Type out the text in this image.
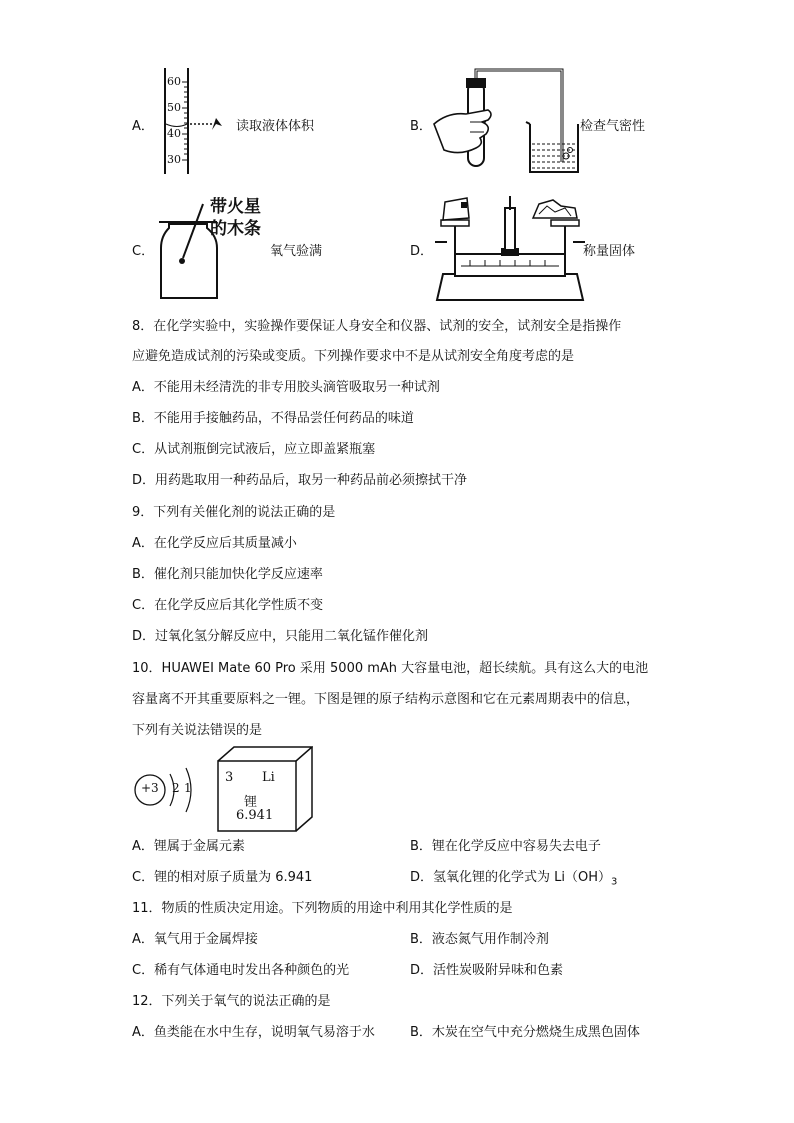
A．
60
50
40
30
读取液体体积	B．	检查气密性
C．
带火星
的木条
氧气验满	D．	称量固体
8．在化学实验中，实验操作要保证人身安全和仪器、试剂的安全，试剂安全是指操作
应避免造成试剂的污染或变质。下列操作要求中不是从试剂安全角度考虑的是
A．不能用未经清洗的非专用胶头滴管吸取另一种试剂
B．不能用手接触药品，不得品尝任何药品的味道
C．从试剂瓶倒完试液后，应立即盖紧瓶塞
D．用药匙取用一种药品后，取另一种药品前必须擦拭干净
9．下列有关催化剂的说法正确的是
A．在化学反应后其质量减小
B．催化剂只能加快化学反应速率
C．在化学反应后其化学性质不变
D．过氧化氢分解反应中，只能用二氧化锰作催化剂
10．HUAWEI Mate 60 Pro 采用 5000 mAh 大容量电池，超长续航。具有这么大的电池
容量离不开其重要原料之一锂。下图是锂的原子结构示意图和它在元素周期表中的信息，
下列有关说法错误的是
+3 2 1
3 Li
锂
6.941
A．锂属于金属元素	B．锂在化学反应中容易失去电子
C．锂的相对原子质量为 6.941	D．氢氧化锂的化学式为 $Li(OH)_3$
11．物质的性质决定用途。下列物质的用途中利用其化学性质的是
A．氧气用于金属焊接	B．液态氮气用作制冷剂
C．稀有气体通电时发出各种颜色的光	D．活性炭吸附异味和色素
12．下列关于氧气的说法正确的是
A．鱼类能在水中生存，说明氧气易溶于水	B．木炭在空气中充分燃烧生成黑色固体
